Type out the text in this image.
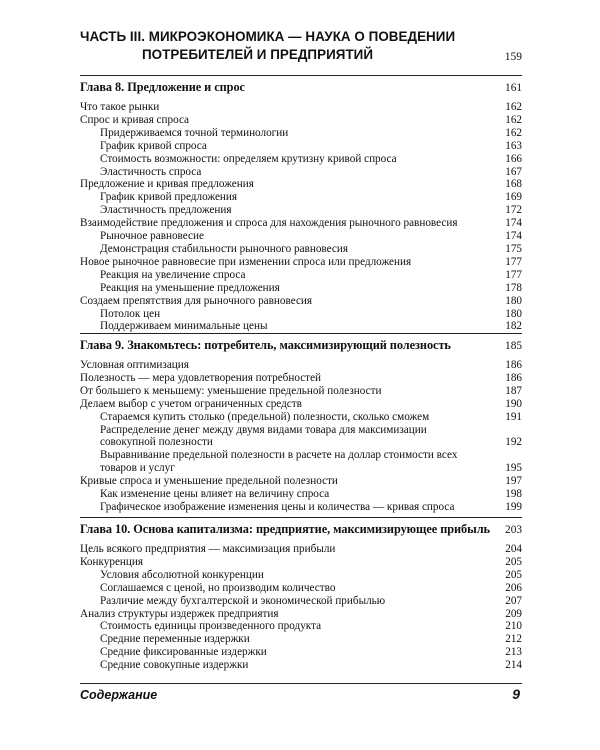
ЧАСТЬ III. МИКРОЭКОНОМИКА — НАУКА О ПОВЕДЕНИИ
ПОТРЕБИТЕЛЕЙ И ПРЕДПРИЯТИЙ	159
Глава 8. Предложение и спрос	161
Что такое рынки	162
Спрос и кривая спроса	162
Придерживаемся точной терминологии	162
График кривой спроса	163
Стоимость возможности: определяем крутизну кривой спроса	166
Эластичность спроса	167
Предложение и кривая предложения	168
График кривой предложения	169
Эластичность предложения	172
Взаимодействие предложения и спроса для нахождения рыночного равновесия	174
Рыночное равновесие	174
Демонстрация стабильности рыночного равновесия	175
Новое рыночное равновесие при изменении спроса или предложения	177
Реакция на увеличение спроса	177
Реакция на уменьшение предложения	178
Создаем препятствия для рыночного равновесия	180
Потолок цен	180
Поддерживаем минимальные цены	182
Глава 9. Знакомьтесь: потребитель, максимизирующий полезность	185
Условная оптимизация	186
Полезность — мера удовлетворения потребностей	186
От большего к меньшему: уменьшение предельной полезности	187
Делаем выбор с учетом ограниченных средств	190
Стараемся купить столько (предельной) полезности, сколько сможем	191
Распределение денег между двумя видами товара для максимизации совокупной полезности	192
Выравнивание предельной полезности в расчете на доллар стоимости всех товаров и услуг	195
Кривые спроса и уменьшение предельной полезности	197
Как изменение цены влияет на величину спроса	198
Графическое изображение изменения цены и количества — кривая спроса	199
Глава 10. Основа капитализма: предприятие, максимизирующее прибыль 203
Цель всякого предприятия — максимизация прибыли	204
Конкуренция	205
Условия абсолютной конкуренции	205
Соглашаемся с ценой, но производим количество	206
Различие между бухгалтерской и экономической прибылью	207
Анализ структуры издержек предприятия	209
Стоимость единицы произведенного продукта	210
Средние переменные издержки	212
Средние фиксированные издержки	213
Средние совокупные издержки	214
Содержание	9
